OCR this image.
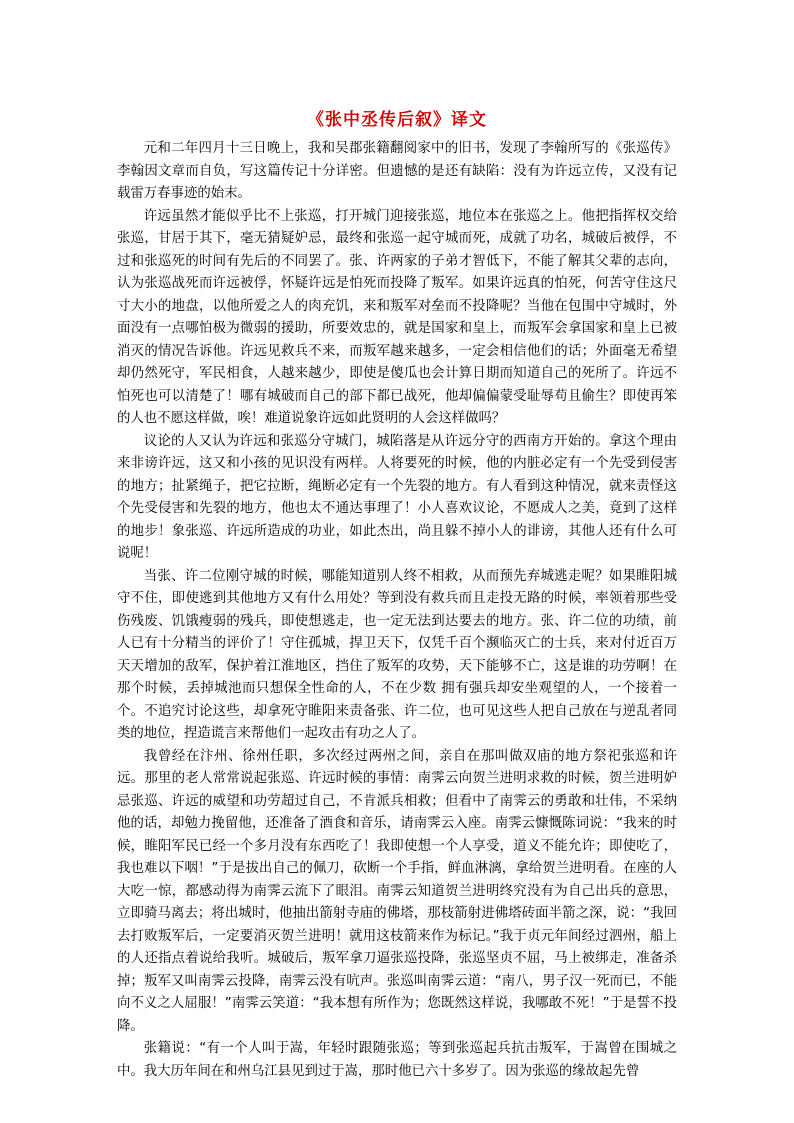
《张中丞传后叙》译文

元和二年四月十三日晚上，我和吴郡张籍翻阅家中的旧书，发现了李翰所写的《张巡传》李翰因文章而自负，写这篇传记十分详密。但遗憾的是还有缺陷：没有为许远立传，又没有记载雷万春事迹的始末。

许远虽然才能似乎比不上张巡，打开城门迎接张巡，地位本在张巡之上。他把指挥权交给张巡，甘居于其下，毫无猜疑妒忌，最终和张巡一起守城而死，成就了功名，城破后被俘，不过和张巡死的时间有先后的不同罢了。张、许两家的子弟才智低下，不能了解其父辈的志向，认为张巡战死而许远被俘，怀疑许远是怕死而投降了叛军。如果许远真的怕死，何苦守住这尺寸大小的地盘，以他所爱之人的肉充饥，来和叛军对垒而不投降呢？当他在包围中守城时，外面没有一点哪怕极为微弱的援助，所要效忠的，就是国家和皇上，而叛军会拿国家和皇上已被消灭的情况告诉他。许远见救兵不来，而叛军越来越多，一定会相信他们的话；外面毫无希望却仍然死守，军民相食，人越来越少，即使是傻瓜也会计算日期而知道自己的死所了。许远不怕死也可以清楚了！哪有城破而自己的部下都已战死，他却偏偏蒙受耻辱苟且偷生？即使再笨的人也不愿这样做，唉！难道说象许远如此贤明的人会这样做吗？

议论的人又认为许远和张巡分守城门，城陷落是从许远分守的西南方开始的。拿这个理由来非谤许远，这又和小孩的见识没有两样。人将要死的时候，他的内脏必定有一个先受到侵害的地方；扯紧绳子，把它拉断，绳断必定有一个先裂的地方。有人看到这种情况，就来责怪这个先受侵害和先裂的地方，他也太不通达事理了！小人喜欢议论，不愿成人之美，竟到了这样的地步！象张巡、许远所造成的功业，如此杰出，尚且躲不掉小人的诽谤，其他人还有什么可说呢！

当张、许二位刚守城的时候，哪能知道别人终不相救，从而预先弃城逃走呢？如果睢阳城守不住，即使逃到其他地方又有什么用处？等到没有救兵而且走投无路的时候，率领着那些受伤残废、饥饿瘦弱的残兵，即使想逃走，也一定无法到达要去的地方。张、许二位的功绩，前人已有十分精当的评价了！守住孤城，捍卫天下，仅凭千百个濒临灭亡的士兵，来对付近百万天天增加的敌军，保护着江淮地区，挡住了叛军的攻势，天下能够不亡，这是谁的功劳啊！在那个时候，丢掉城池而只想保全性命的人，不在少数 拥有强兵却安坐观望的人，一个接着一个。不追究讨论这些，却拿死守睢阳来责备张、许二位，也可见这些人把自己放在与逆乱者同类的地位，捏造谎言来帮他们一起攻击有功之人了。

我曾经在汴州、徐州任职，多次经过两州之间，亲自在那叫做双庙的地方祭祀张巡和许远。那里的老人常常说起张巡、许远时候的事情：南霁云向贺兰进明求救的时候，贺兰进明妒忌张巡、许远的威望和功劳超过自己，不肯派兵相救；但看中了南霁云的勇敢和壮伟，不采纳他的话，却勉力挽留他，还准备了酒食和音乐，请南霁云入座。南霁云慷慨陈词说：“我来的时候，睢阳军民已经一个多月没有东西吃了！我即使想一个人享受，道义不能允许；即使吃了，我也难以下咽！”于是拔出自己的佩刀，砍断一个手指，鲜血淋漓，拿给贺兰进明看。在座的人大吃一惊，都感动得为南霁云流下了眼泪。南霁云知道贺兰进明终究没有为自己出兵的意思，立即骑马离去；将出城时，他抽出箭射寺庙的佛塔，那枝箭射进佛塔砖面半箭之深，说：“我回去打败叛军后，一定要消灭贺兰进明！就用这枝箭来作为标记。”我于贞元年间经过泗州，船上的人还指点着说给我听。城破后，叛军拿刀逼张巡投降，张巡坚贞不屈，马上被绑走，准备杀掉；叛军又叫南霁云投降，南霁云没有吭声。张巡叫南霁云道：“南八，男子汉一死而已，不能向不义之人屈服！”南霁云笑道：“我本想有所作为；您既然这样说，我哪敢不死！”于是誓不投降。

张籍说：“有一个人叫于嵩，年轻时跟随张巡；等到张巡起兵抗击叛军，于嵩曾在围城之中。我大历年间在和州乌江县见到过于嵩，那时他已六十多岁了。因为张巡的缘故起先曾
